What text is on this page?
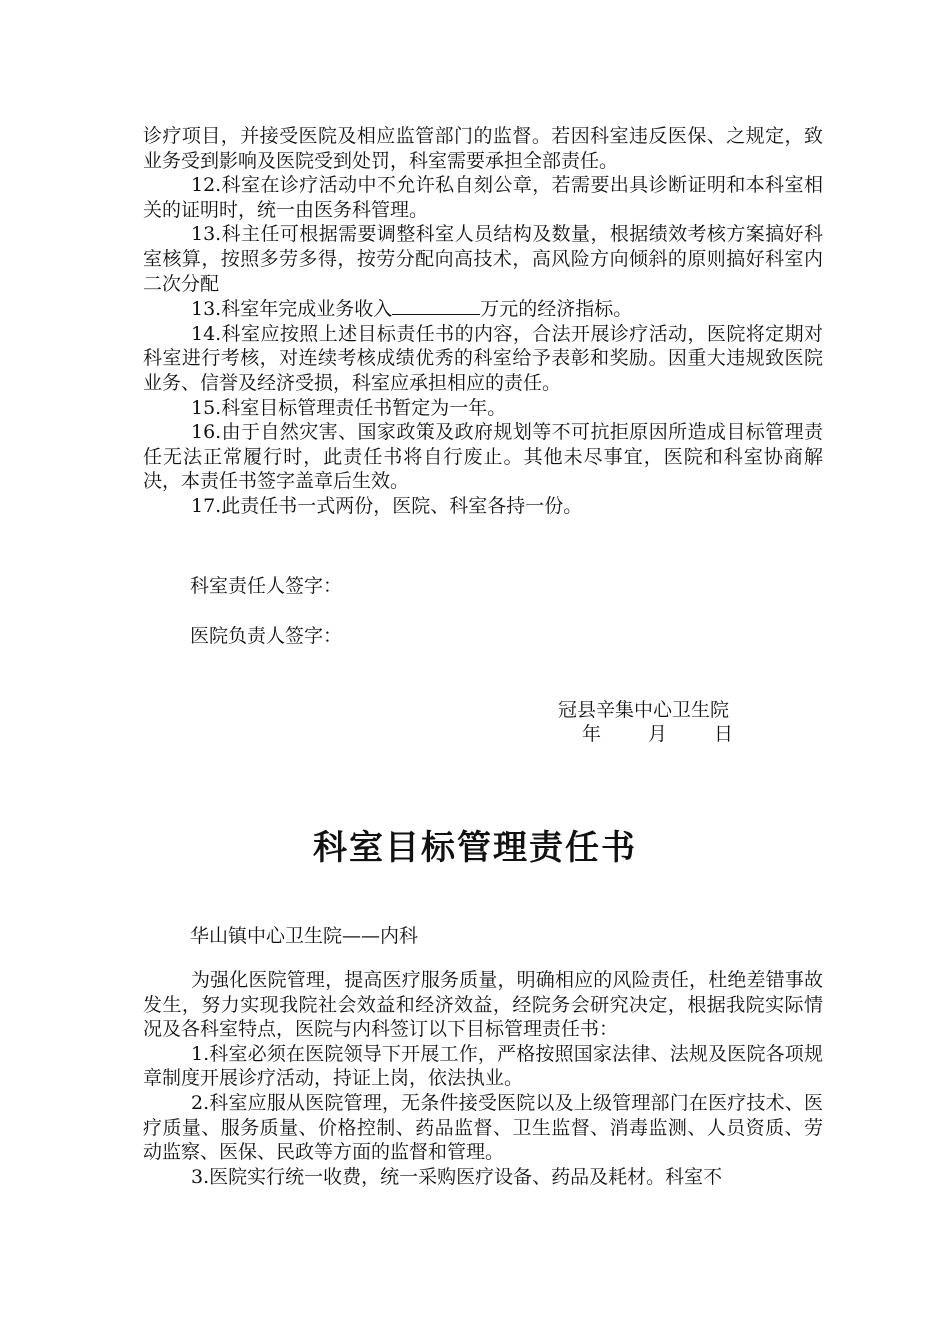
诊疗项目，并接受医院及相应监管部门的监督。若因科室违反医保、之规定，致业务受到影响及医院受到处罚，科室需要承担全部责任。

12.科室在诊疗活动中不允许私自刻公章，若需要出具诊断证明和本科室相关的证明时，统一由医务科管理。

13.科主任可根据需要调整科室人员结构及数量，根据绩效考核方案搞好科室核算，按照多劳多得，按劳分配向高技术，高风险方向倾斜的原则搞好科室内二次分配

13.科室年完成业务收入	万元的经济指标。

14.科室应按照上述目标责任书的内容，合法开展诊疗活动，医院将定期对科室进行考核，对连续考核成绩优秀的科室给予表彰和奖励。因重大违规致医院业务、信誉及经济受损，科室应承担相应的责任。

15.科室目标管理责任书暂定为一年。

16.由于自然灾害、国家政策及政府规划等不可抗拒原因所造成目标管理责任无法正常履行时，此责任书将自行废止。其他未尽事宜，医院和科室协商解决，本责任书签字盖章后生效。

17.此责任书一式两份，医院、科室各持一份。

科室责任人签字：

医院负责人签字：

冠县辛集中心卫生院

年 月 日

科室目标管理责任书

华山镇中心卫生院——内科

为强化医院管理，提高医疗服务质量，明确相应的风险责任，杜绝差错事故发生，努力实现我院社会效益和经济效益，经院务会研究决定，根据我院实际情况及各科室特点，医院与内科签订以下目标管理责任书：

1.科室必须在医院领导下开展工作，严格按照国家法律、法规及医院各项规章制度开展诊疗活动，持证上岗，依法执业。

2.科室应服从医院管理，无条件接受医院以及上级管理部门在医疗技术、医疗质量、服务质量、价格控制、药品监督、卫生监督、消毒监测、人员资质、劳动监察、医保、民政等方面的监督和管理。

3.医院实行统一收费，统一采购医疗设备、药品及耗材。科室不
